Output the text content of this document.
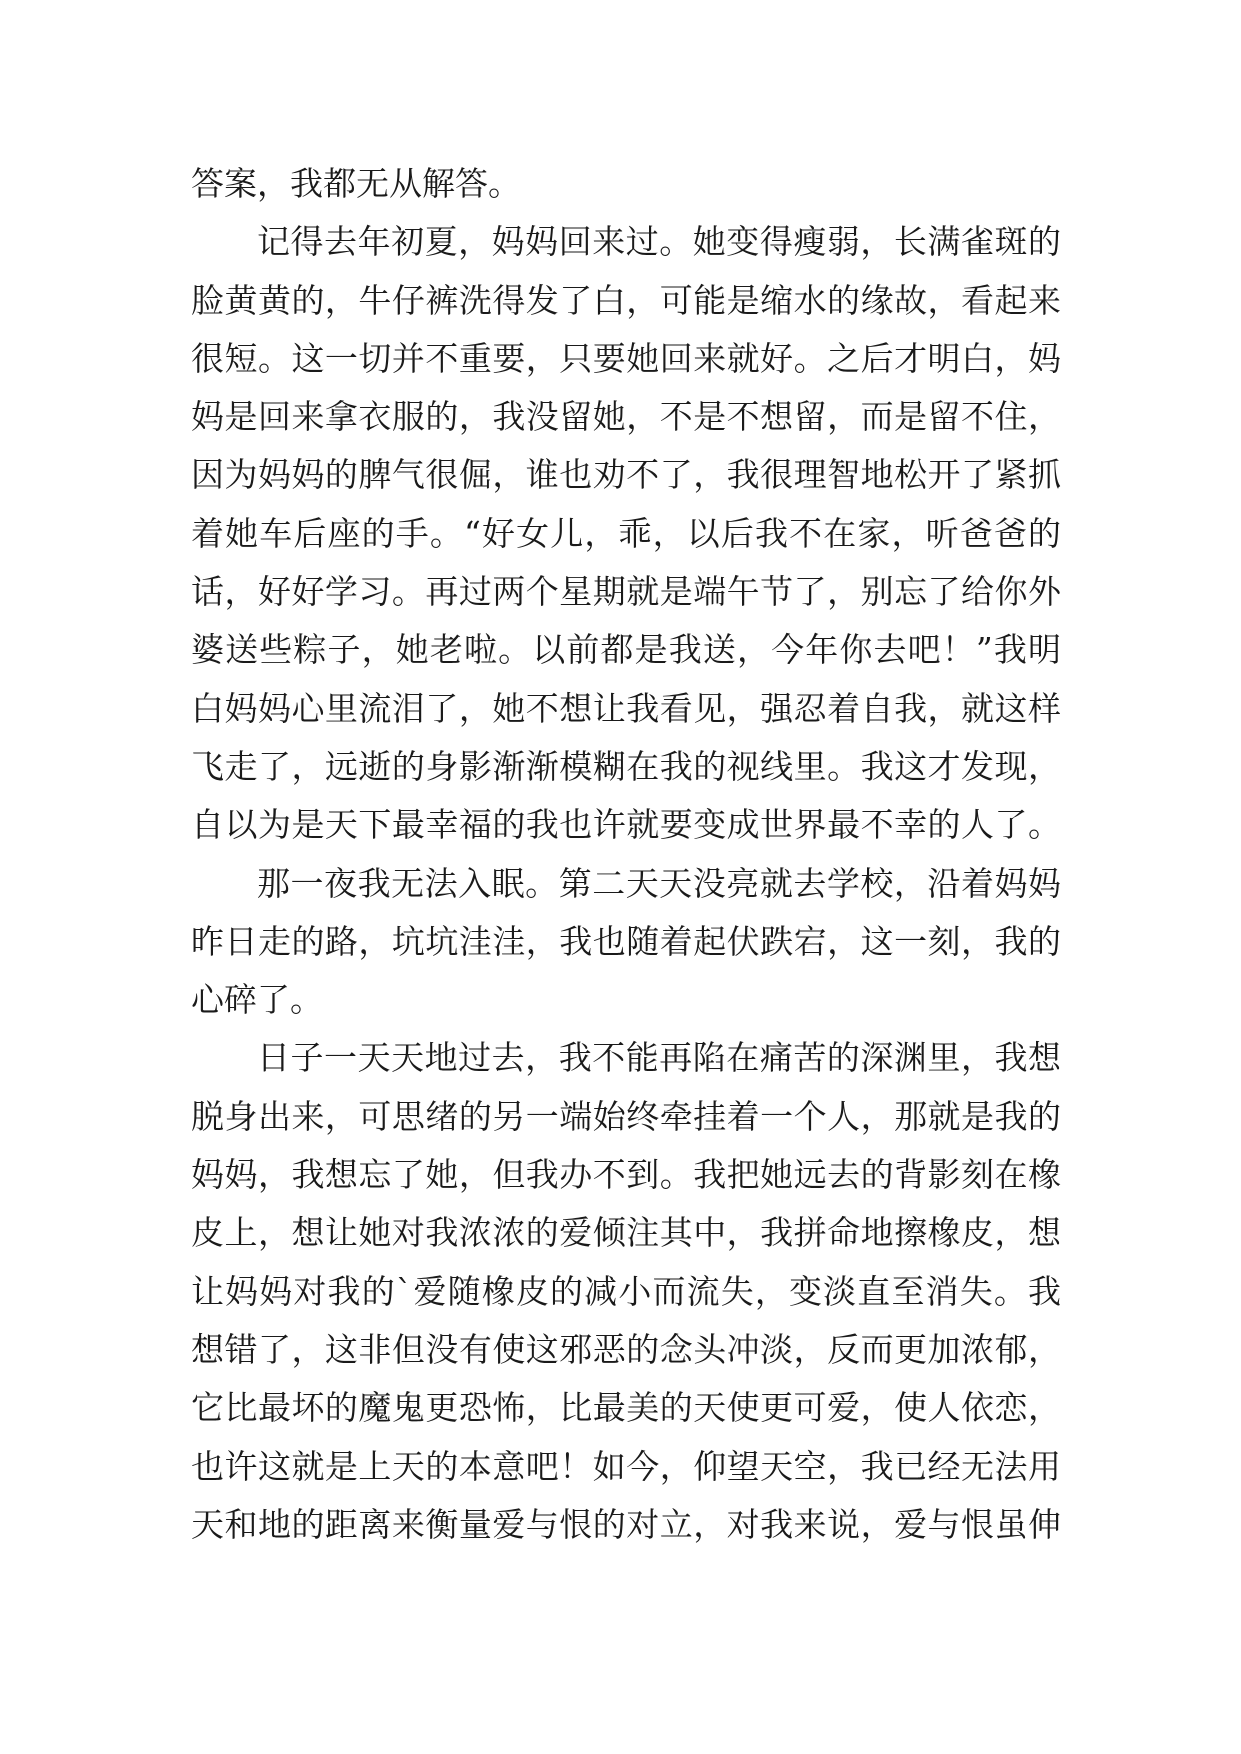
答案，我都无从解答。
记得去年初夏，妈妈回来过。她变得瘦弱，长满雀斑的
脸黄黄的，牛仔裤洗得发了白，可能是缩水的缘故，看起来
很短。这一切并不重要，只要她回来就好。之后才明白，妈
妈是回来拿衣服的，我没留她，不是不想留，而是留不住，
因为妈妈的脾气很倔，谁也劝不了，我很理智地松开了紧抓
着她车后座的手。“好女儿，乖，以后我不在家，听爸爸的
话，好好学习。再过两个星期就是端午节了，别忘了给你外
婆送些粽子，她老啦。以前都是我送，今年你去吧！”我明
白妈妈心里流泪了，她不想让我看见，强忍着自我，就这样
飞走了，远逝的身影渐渐模糊在我的视线里。我这才发现，
自以为是天下最幸福的我也许就要变成世界最不幸的人了。
那一夜我无法入眠。第二天天没亮就去学校，沿着妈妈
昨日走的路，坑坑洼洼，我也随着起伏跌宕，这一刻，我的
心碎了。
日子一天天地过去，我不能再陷在痛苦的深渊里，我想
脱身出来，可思绪的另一端始终牵挂着一个人，那就是我的
妈妈，我想忘了她，但我办不到。我把她远去的背影刻在橡
皮上，想让她对我浓浓的爱倾注其中，我拼命地擦橡皮，想
让妈妈对我的`爱随橡皮的减小而流失，变淡直至消失。我
想错了，这非但没有使这邪恶的念头冲淡，反而更加浓郁，
它比最坏的魔鬼更恐怖，比最美的天使更可爱，使人依恋，
也许这就是上天的本意吧！如今，仰望天空，我已经无法用
天和地的距离来衡量爱与恨的对立，对我来说，爱与恨虽伸
